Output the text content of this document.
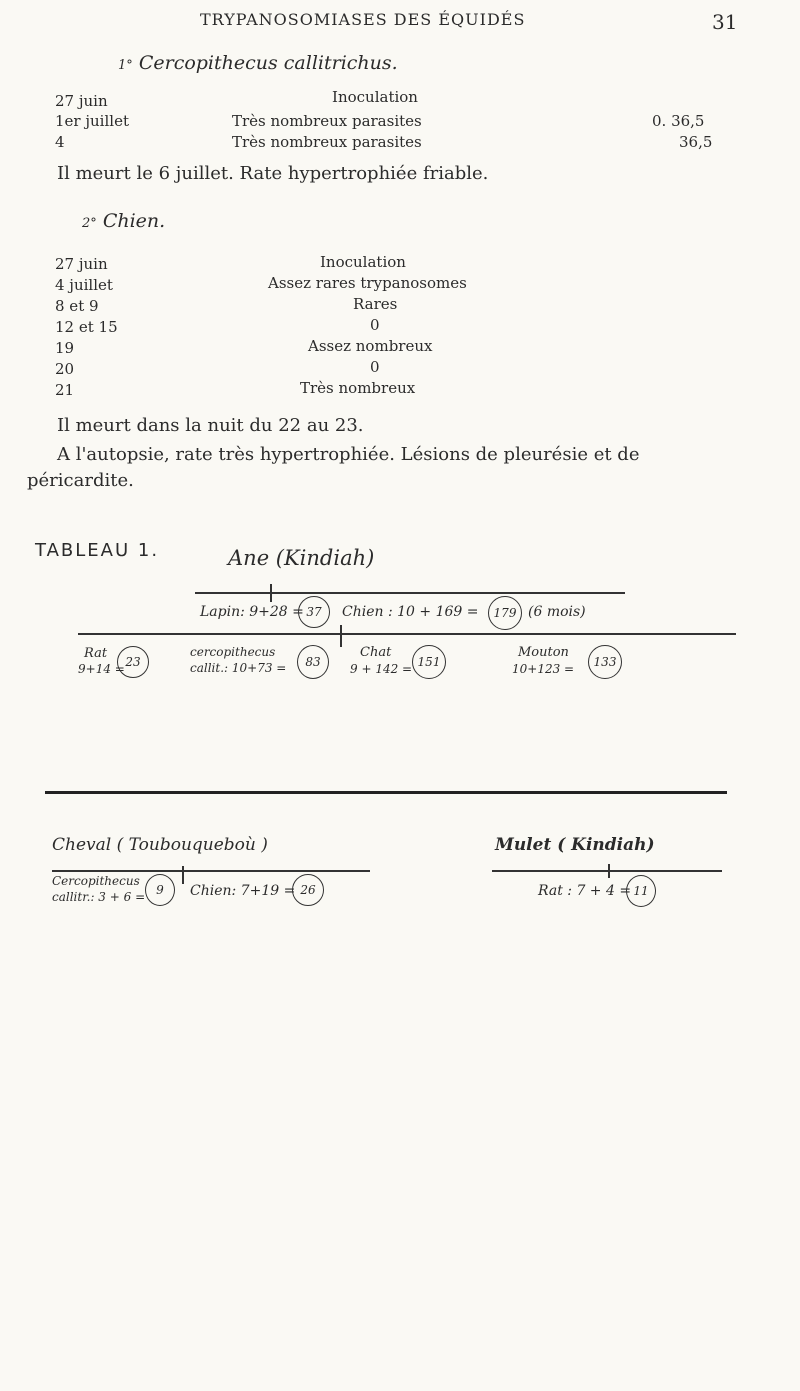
TRYPANOSOMIASES DES ÉQUIDÉS	31
1° Cercopithecus callitrichus.
27 juin	Inoculation
1er juillet	Très nombreux parasites	0. 36,5
4	Très nombreux parasites	36,5
Il meurt le 6 juillet. Rate hypertrophiée friable.
2° Chien.
27 juin	Inoculation
4 juillet	Assez rares trypanosomes
8 et 9	Rares
12 et 15	0
19	Assez nombreux
20	0
21	Très nombreux
Il meurt dans la nuit du 22 au 23.
A l'autopsie, rate très hypertrophiée. Lésions de pleurésie et de
péricardite.
TABLEAU 1.	Ane (Kindiah)
Lapin: 9+28 = 37	Chien : 10 + 169 =	179 (6 mois)
Rat
9+14 = 23
cercopithecus
callit.: 10+73 =	83
Chat
9 + 142 = 151
Mouton
10+123 =	133
Cheval ( Toubouqueboù )
Cercopithecus
callitr.: 3 + 6 = 9	Chien: 7+19 = 26
Mulet ( Kindiah)
Rat : 7 + 4 = 11
